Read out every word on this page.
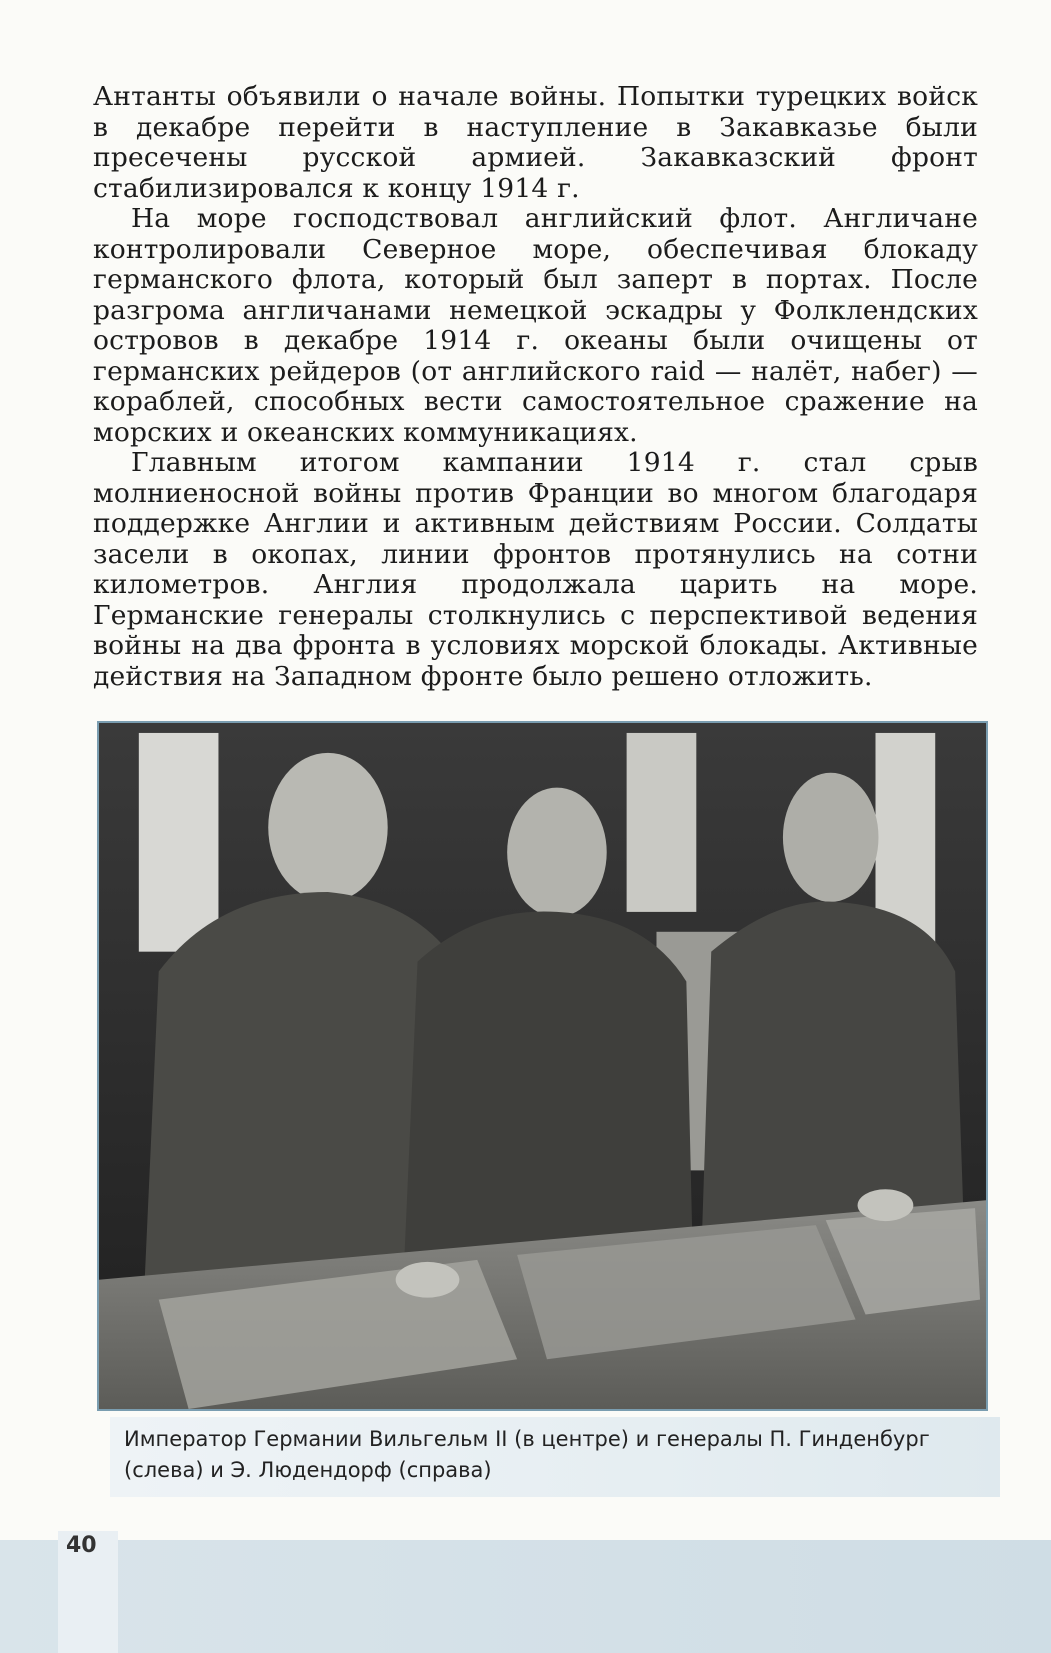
Антанты объявили о начале войны. Попытки турецких войск в декабре перейти в наступление в Закавказье были пресечены русской армией. Закавказский фронт стабилизировался к концу 1914 г.

На море господствовал английский флот. Англичане контролировали Северное море, обеспечивая блокаду германского флота, который был заперт в портах. После разгрома англичанами немецкой эскадры у Фолклендских островов в декабре 1914 г. океаны были очищены от германских рейдеров (от английского raid — налёт, набег) — кораблей, способных вести самостоятельное сражение на морских и океанских коммуникациях.

Главным итогом кампании 1914 г. стал срыв молниеносной войны против Франции во многом благодаря поддержке Англии и активным действиям России. Солдаты засели в окопах, линии фронтов протянулись на сотни километров. Англия продолжала царить на море. Германские генералы столкнулись с перспективой ведения войны на два фронта в условиях морской блокады. Активные действия на Западном фронте было решено отложить.

Император Германии Вильгельм II (в центре) и генералы П. Гинденбург
(слева) и Э. Людендорф (справа)
40
